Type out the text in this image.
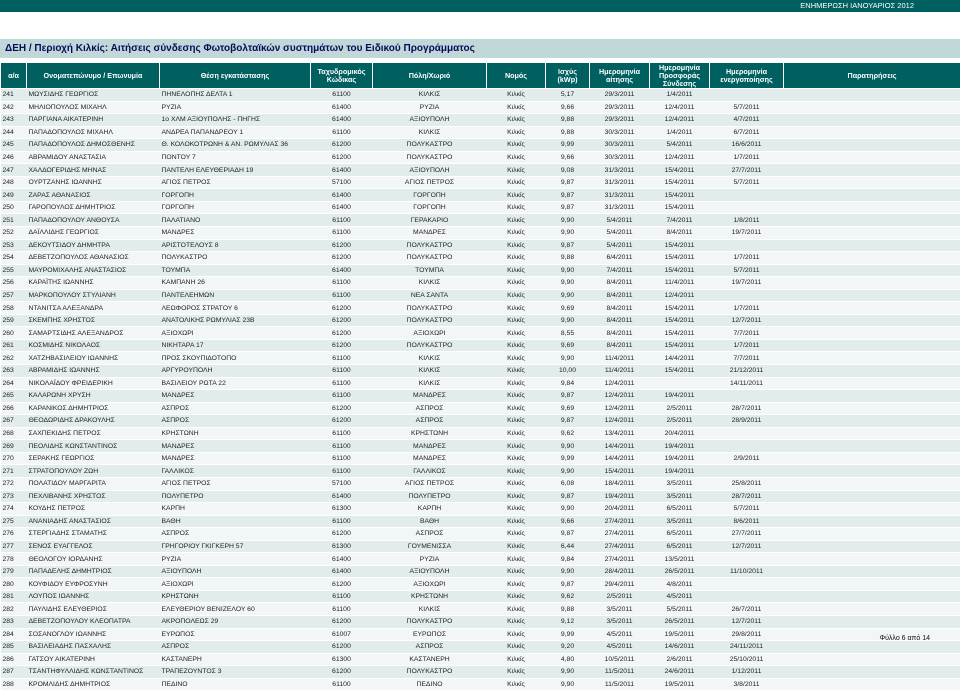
ΕΝΗΜΕΡΩΣΗ ΙΑΝΟΥΑΡΙΟΣ 2012
ΔΕΗ / Περιοχή Κιλκίς: Αιτήσεις σύνδεσης Φωτοβολταϊκών συστημάτων του Ειδικού Προγράμματος
α/α	Ονοματεπώνυμο / Επωνυμία	Θέση εγκατάστασης	Ταχυδρομικός Κώδικας	Πόλη/Χωριό	Νομός	Ισχύς (kWp)	Ημερομηνία αίτησης	Ημερομηνία Προσφοράς Σύνδεσης	Ημερομηνία ενεργοποίησης	Παρατηρήσεις
241	ΜΩΥΣΙΔΗΣ ΓΕΩΡΓΙΟΣ	ΠΗΝΕΛΟΠΗΣ ΔΕΛΤΑ 1	61100	ΚΙΛΚΙΣ	Κιλκίς	5,17	29/3/2011	1/4/2011		
242	ΜΗΛΙΟΠΟΥΛΟΣ ΜΙΧΑΗΛ	ΡΥΖΙΑ	61400	ΡΥΖΙΑ	Κιλκίς	9,66	29/3/2011	12/4/2011	5/7/2011	
243	ΠΑΡΓΙΑΝΑ ΑΙΚΑΤΕΡΙΝΗ	1ο ΧΛΜ ΑΞΙΟΥΠΟΛΗΣ - ΠΗΓΗΣ	61400	ΑΞΙΟΥΠΟΛΗ	Κιλκίς	9,88	29/3/2011	12/4/2011	4/7/2011	
244	ΠΑΠΑΔΟΠΟΥΛΟΣ ΜΙΧΑΗΛ	ΑΝΔΡΕΑ ΠΑΠΑΝΔΡΕΟΥ 1	61100	ΚΙΛΚΙΣ	Κιλκίς	9,88	30/3/2011	1/4/2011	6/7/2011	
245	ΠΑΠΑΔΟΠΟΥΛΟΣ ΔΗΜΟΣΘΕΝΗΣ	Θ. ΚΟΛΟΚΟΤΡΩΝΗ & ΑΝ. ΡΩΜΥΛΙΑΣ 36	61200	ΠΟΛΥΚΑΣΤΡΟ	Κιλκίς	9,99	30/3/2011	5/4/2011	16/6/2011	
246	ΑΒΡΑΜΙΔΟΥ ΑΝΑΣΤΑΣΙΑ	ΠΟΝΤΟΥ 7	61200	ΠΟΛΥΚΑΣΤΡΟ	Κιλκίς	9,66	30/3/2011	12/4/2011	1/7/2011	
247	ΧΑΛΔΟΓΕΡΙΔΗΣ ΜΗΝΑΣ	ΠΑΝΤΕΛΗ ΕΛΕΥΘΕΡΙΑΔΗ 19	61400	ΑΞΙΟΥΠΟΛΗ	Κιλκίς	9,08	31/3/2011	15/4/2011	27/7/2011	
248	ΟΥΡΤΖΑΝΗΣ ΙΩΑΝΝΗΣ	ΑΓΙΟΣ ΠΕΤΡΟΣ	57100	ΑΓΙΟΣ ΠΕΤΡΟΣ	Κιλκίς	9,87	31/3/2011	15/4/2011	5/7/2011	
249	ΖΑΡΑΣ ΑΘΑΝΑΣΙΟΣ	ΓΟΡΓΟΠΗ	61400	ΓΟΡΓΟΠΗ	Κιλκίς	9,87	31/3/2011	15/4/2011		
250	ΓΑΡΟΠΟΥΛΟΣ ΔΗΜΗΤΡΙΟΣ	ΓΟΡΓΟΠΗ	61400	ΓΟΡΓΟΠΗ	Κιλκίς	9,87	31/3/2011	15/4/2011		
251	ΠΑΠΑΔΟΠΟΥΛΟΥ ΑΝΘΟΥΣΑ	ΠΑΛΑΤΙΑΝΟ	61100	ΓΕΡΑΚΑΡΙΟ	Κιλκίς	9,90	5/4/2011	7/4/2011	1/8/2011	
252	ΔΑΪΛΛΙΔΗΣ ΓΕΩΡΓΙΟΣ	ΜΑΝΔΡΕΣ	61100	ΜΑΝΔΡΕΣ	Κιλκίς	9,90	5/4/2011	8/4/2011	19/7/2011	
253	ΔΕΚΟΥΤΣΙΔΟΥ ΔΗΜΗΤΡΑ	ΑΡΙΣΤΟΤΕΛΟΥΣ 8	61200	ΠΟΛΥΚΑΣΤΡΟ	Κιλκίς	9,87	5/4/2011	15/4/2011		
254	ΔΕΒΕΤΖΟΠΟΥΛΟΣ ΑΘΑΝΑΣΙΟΣ	ΠΟΛΥΚΑΣΤΡΟ	61200	ΠΟΛΥΚΑΣΤΡΟ	Κιλκίς	9,88	6/4/2011	15/4/2011	1/7/2011	
255	ΜΑΥΡΟΜΙΧΑΛΗΣ ΑΝΑΣΤΑΣΙΟΣ	ΤΟΥΜΠΑ	61400	ΤΟΥΜΠΑ	Κιλκίς	9,90	7/4/2011	15/4/2011	5/7/2011	
256	ΚΑΡΑΪΤΗΣ ΙΩΑΝΝΗΣ	ΚΑΜΠΑΝΗ 26	61100	ΚΙΛΚΙΣ	Κιλκίς	9,90	8/4/2011	11/4/2011	19/7/2011	
257	ΜΑΡΚΟΠΟΥΛΟΥ ΣΤΥΛΙΑΝΗ	ΠΑΝΤΕΛΕΗΜΩΝ	61100	ΝΕΑ ΣΑΝΤΑ	Κιλκίς	9,90	8/4/2011	12/4/2011		
258	ΝΤΑΝΙΤΣΑ ΑΛΕΞΑΝΔΡΑ	ΛΕΩΦΟΡΟΣ ΣΤΡΑΤΟΥ 6	61200	ΠΟΛΥΚΑΣΤΡΟ	Κιλκίς	9,69	8/4/2011	15/4/2011	1/7/2011	
259	ΣΚΕΜΠΗΣ ΧΡΗΣΤΟΣ	ΑΝΑΤΟΛΙΚΗΣ ΡΩΜΥΛΙΑΣ 23Β	61200	ΠΟΛΥΚΑΣΤΡΟ	Κιλκίς	9,90	8/4/2011	15/4/2011	12/7/2011	
260	ΣΑΜΑΡΤΣΙΔΗΣ ΑΛΕΞΑΝΔΡΟΣ	ΑΞΙΟΧΩΡΙ	61200	ΑΞΙΟΧΩΡΙ	Κιλκίς	8,55	8/4/2011	15/4/2011	7/7/2011	
261	ΚΟΣΜΙΔΗΣ ΝΙΚΟΛΑΟΣ	ΝΙΚΗΤΑΡΑ 17	61200	ΠΟΛΥΚΑΣΤΡΟ	Κιλκίς	9,69	8/4/2011	15/4/2011	1/7/2011	
262	ΧΑΤΖΗΒΑΣΙΛΕΙΟΥ ΙΩΑΝΝΗΣ	ΠΡΟΣ ΣΚΟΥΠΙΔΟΤΟΠΟ	61100	ΚΙΛΚΙΣ	Κιλκίς	9,90	11/4/2011	14/4/2011	7/7/2011	
263	ΑΒΡΑΜΙΔΗΣ ΙΩΑΝΝΗΣ	ΑΡΓΥΡΟΥΠΟΛΗ	61100	ΚΙΛΚΙΣ	Κιλκίς	10,00	11/4/2011	15/4/2011	21/12/2011	
264	ΝΙΚΟΛΑΪΔΟΥ ΦΡΕΙΔΕΡΙΚΗ	ΒΑΣΙΛΕΙΟΥ ΡΩΤΑ 22	61100	ΚΙΛΚΙΣ	Κιλκίς	9,84	12/4/2011		14/11/2011	
265	ΚΑΛΑΡΩΝΗ ΧΡΥΣΗ	ΜΑΝΔΡΕΣ	61100	ΜΑΝΔΡΕΣ	Κιλκίς	9,87	12/4/2011	19/4/2011		
266	ΚΑΡΑΝΙΚΟΣ ΔΗΜΗΤΡΙΟΣ	ΑΣΠΡΟΣ	61200	ΑΣΠΡΟΣ	Κιλκίς	9,69	12/4/2011	2/5/2011	28/7/2011	
267	ΘΕΟΔΩΡΙΔΗΣ ΔΡΑΚΟΥΛΗΣ	ΑΣΠΡΟΣ	61200	ΑΣΠΡΟΣ	Κιλκίς	9,87	12/4/2011	2/5/2011	28/9/2011	
268	ΣΑΧΠΕΚΙΔΗΣ ΠΕΤΡΟΣ	ΚΡΗΣΤΩΝΗ	61100	ΚΡΗΣΤΩΝΗ	Κιλκίς	9,62	13/4/2011	20/4/2011		
269	ΠΕΟΛΙΔΗΣ ΚΩΝΣΤΑΝΤΙΝΟΣ	ΜΑΝΔΡΕΣ	61100	ΜΑΝΔΡΕΣ	Κιλκίς	9,90	14/4/2011	19/4/2011		
270	ΣΕΡΑΚΗΣ ΓΕΩΡΓΙΟΣ	ΜΑΝΔΡΕΣ	61100	ΜΑΝΔΡΕΣ	Κιλκίς	9,99	14/4/2011	19/4/2011	2/9/2011	
271	ΣΤΡΑΤΟΠΟΥΛΟΥ ΖΩΗ	ΓΑΛΛΙΚΟΣ	61100	ΓΑΛΛΙΚΟΣ	Κιλκίς	9,90	15/4/2011	19/4/2011		
272	ΠΟΛΑΤΙΔΟΥ ΜΑΡΓΑΡΙΤΑ	ΑΓΙΟΣ ΠΕΤΡΟΣ	57100	ΑΓΙΟΣ ΠΕΤΡΟΣ	Κιλκίς	6,08	18/4/2011	3/5/2011	25/8/2011	
273	ΠΕΧΛΙΒΑΝΗΣ ΧΡΗΣΤΟΣ	ΠΟΛΥΠΕΤΡΟ	61400	ΠΟΛΥΠΕΤΡΟ	Κιλκίς	9,87	19/4/2011	3/5/2011	28/7/2011	
274	ΚΟΥΔΗΣ ΠΕΤΡΟΣ	ΚΑΡΠΗ	61300	ΚΑΡΠΗ	Κιλκίς	9,90	20/4/2011	6/5/2011	5/7/2011	
275	ΑΝΑΝΙΑΔΗΣ ΑΝΑΣΤΑΣΙΟΣ	ΒΑΘΗ	61100	ΒΑΘΗ	Κιλκίς	9,66	27/4/2011	3/5/2011	8/6/2011	
276	ΣΤΕΡΓΙΑΔΗΣ ΣΤΑΜΑΤΗΣ	ΑΣΠΡΟΣ	61200	ΑΣΠΡΟΣ	Κιλκίς	9,87	27/4/2011	6/5/2011	27/7/2011	
277	ΣΕΝΟΣ ΕΥΑΓΓΕΛΟΣ	ΓΡΗΓΟΡΙΟΥ ΓΚΙΓΚΕΡΗ 57	61300	ΓΟΥΜΕΝΙΣΣΑ	Κιλκίς	6,44	27/4/2011	6/5/2011	12/7/2011	
278	ΘΕΟΛΟΓΟΥ ΙΟΡΔΑΝΗΣ	ΡΥΖΙΑ	61400	ΡΥΖΙΑ	Κιλκίς	9,84	27/4/2011	13/5/2011		
279	ΠΑΠΑΔΕΛΗΣ ΔΗΜΗΤΡΙΟΣ	ΑΞΙΟΥΠΟΛΗ	61400	ΑΞΙΟΥΠΟΛΗ	Κιλκίς	9,90	28/4/2011	26/5/2011	11/10/2011	
280	ΚΟΥΦΙΔΟΥ ΕΥΦΡΟΣΥΝΗ	ΑΞΙΟΧΩΡΙ	61200	ΑΞΙΟΧΩΡΙ	Κιλκίς	9,87	29/4/2011	4/8/2011		
281	ΛΟΥΠΟΣ ΙΩΑΝΝΗΣ	ΚΡΗΣΤΩΝΗ	61100	ΚΡΗΣΤΩΝΗ	Κιλκίς	9,62	2/5/2011	4/5/2011		
282	ΠΑΥΛΙΔΗΣ ΕΛΕΥΘΕΡΙΟΣ	ΕΛΕΥΘΕΡΙΟΥ ΒΕΝΙΖΕΛΟΥ 60	61100	ΚΙΛΚΙΣ	Κιλκίς	9,88	3/5/2011	5/5/2011	26/7/2011	
283	ΔΕΒΕΤΖΟΠΟΥΛΟΥ ΚΛΕΟΠΑΤΡΑ	ΑΚΡΟΠΟΛΕΩΣ 29	61200	ΠΟΛΥΚΑΣΤΡΟ	Κιλκίς	9,12	3/5/2011	26/5/2011	12/7/2011	
284	ΣΟΣΑΝΟΓΛΟΥ ΙΩΑΝΝΗΣ	ΕΥΡΩΠΟΣ	61007	ΕΥΡΩΠΟΣ	Κιλκίς	9,99	4/5/2011	19/5/2011	29/8/2011	
285	ΒΑΣΙΛΕΙΑΔΗΣ ΠΑΣΧΑΛΗΣ	ΑΣΠΡΟΣ	61200	ΑΣΠΡΟΣ	Κιλκίς	9,20	4/5/2011	14/6/2011	24/11/2011	
286	ΓΑΤΣΟΥ ΑΙΚΑΤΕΡΙΝΗ	ΚΑΣΤΑΝΕΡΗ	61300	ΚΑΣΤΑΝΕΡΗ	Κιλκίς	4,80	10/5/2011	2/6/2011	25/10/2011	
287	ΤΣΑΝΤΗΦΥΛΛΙΔΗΣ ΚΩΝΣΤΑΝΤΙΝΟΣ	ΤΡΑΠΕΖΟΥΝΤΟΣ 3	61200	ΠΟΛΥΚΑΣΤΡΟ	Κιλκίς	9,90	11/5/2011	24/6/2011	1/12/2011	
288	ΚΡΟΜΛΙΔΗΣ ΔΗΜΗΤΡΙΟΣ	ΠΕΔΙΝΟ	61100	ΠΕΔΙΝΟ	Κιλκίς	9,90	11/5/2011	19/5/2011	3/8/2011	
Φύλλο 6 από 14
